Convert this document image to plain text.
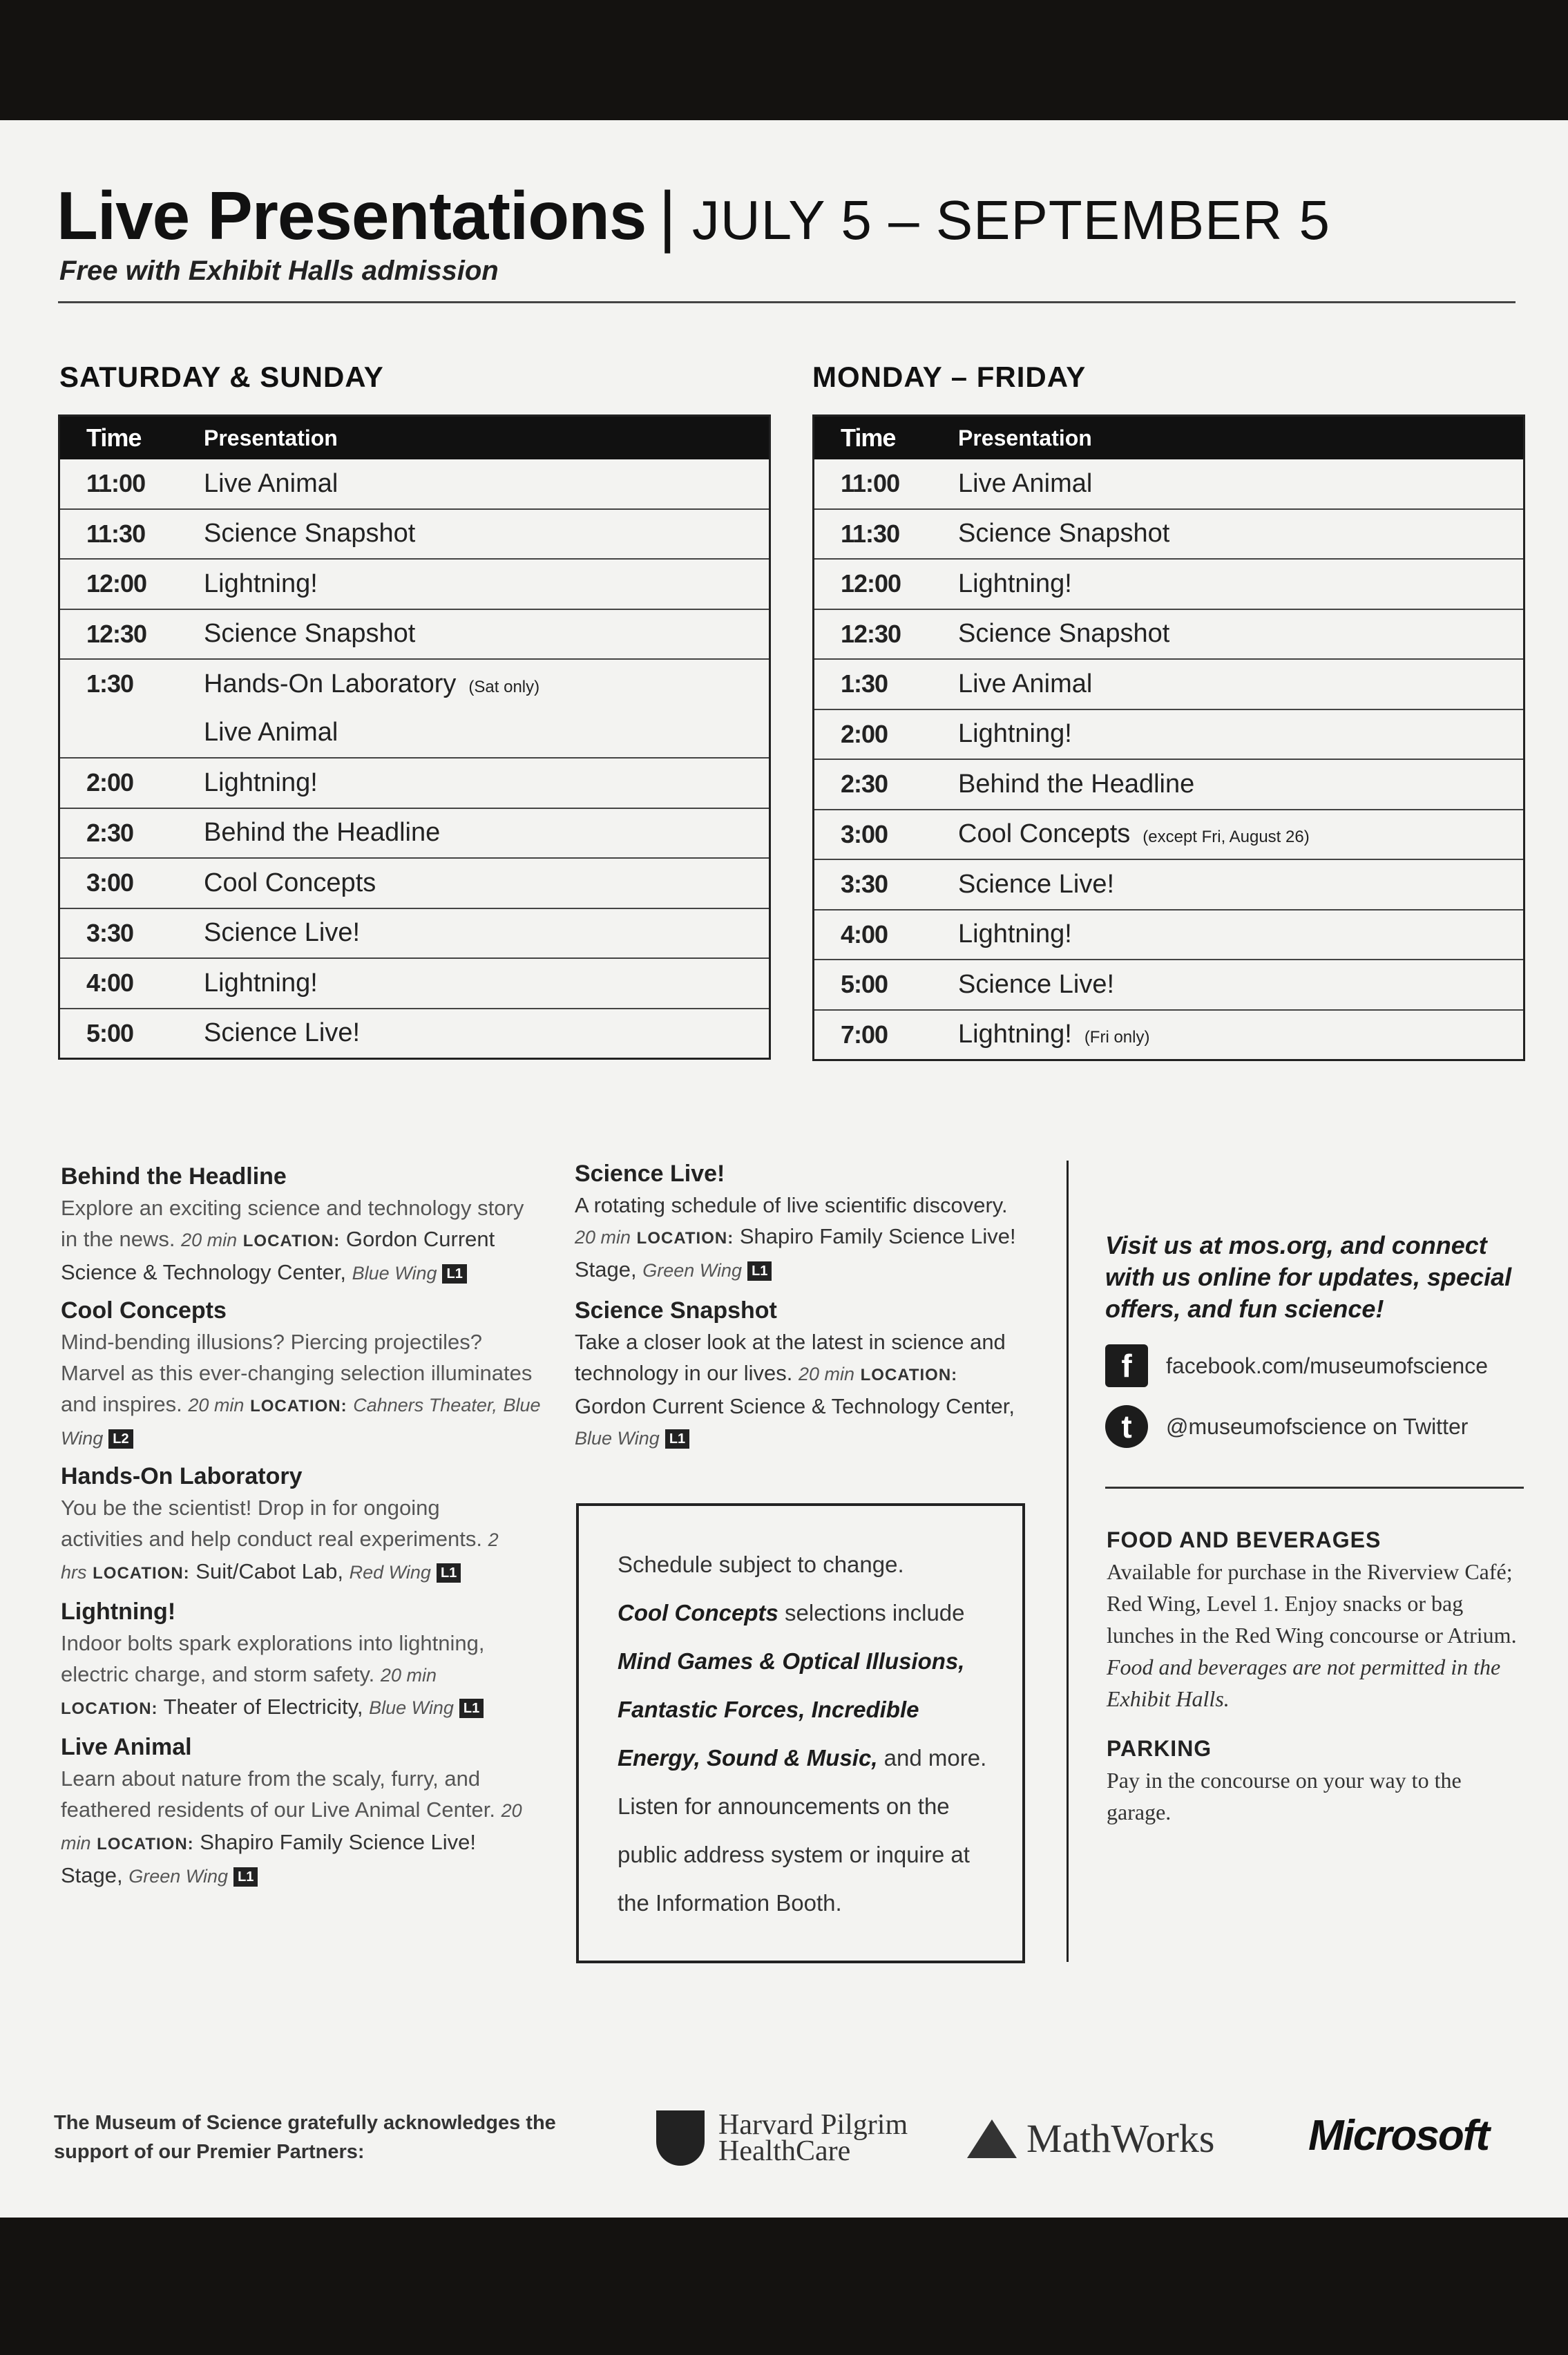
Live Presentations | JULY 5 – SEPTEMBER 5
Free with Exhibit Halls admission
SATURDAY & SUNDAY
Time	Presentation
11:00	Live Animal
11:30	Science Snapshot
12:00	Lightning!
12:30	Science Snapshot
1:30	Hands-On Laboratory (Sat only)
Live Animal
2:00	Lightning!
2:30	Behind the Headline
3:00	Cool Concepts
3:30	Science Live!
4:00	Lightning!
5:00	Science Live!
MONDAY – FRIDAY
Time	Presentation
11:00	Live Animal
11:30	Science Snapshot
12:00	Lightning!
12:30	Science Snapshot
1:30	Live Animal
2:00	Lightning!
2:30	Behind the Headline
3:00	Cool Concepts (except Fri, August 26)
3:30	Science Live!
4:00	Lightning!
5:00	Science Live!
7:00	Lightning! (Fri only)
Behind the Headline
Explore an exciting science and technology story in the news. 20 min LOCATION: Gordon Current Science & Technology Center, Blue Wing L1
Cool Concepts
Mind-bending illusions? Piercing projectiles? Marvel as this ever-changing selection illuminates and inspires. 20 min LOCATION: Cahners Theater, Blue Wing L2
Hands-On Laboratory
You be the scientist! Drop in for ongoing activities and help conduct real experiments. 2 hrs LOCATION: Suit/Cabot Lab, Red Wing L1
Lightning!
Indoor bolts spark explorations into lightning, electric charge, and storm safety. 20 min LOCATION: Theater of Electricity, Blue Wing L1
Live Animal
Learn about nature from the scaly, furry, and feathered residents of our Live Animal Center. 20 min LOCATION: Shapiro Family Science Live! Stage, Green Wing L1
Science Live!
A rotating schedule of live scientific discovery. 20 min LOCATION: Shapiro Family Science Live! Stage, Green Wing L1
Science Snapshot
Take a closer look at the latest in science and technology in our lives. 20 min LOCATION: Gordon Current Science & Technology Center, Blue Wing L1
Schedule subject to change.
Cool Concepts selections include
Mind Games & Optical Illusions,
Fantastic Forces, Incredible
Energy, Sound & Music, and more.
Listen for announcements on the public address system or inquire at the Information Booth.
Visit us at mos.org, and connect with us online for updates, special offers, and fun science!
f	facebook.com/museumofscience
t	@museumofscience on Twitter
FOOD AND BEVERAGES
Available for purchase in the Riverview Café; Red Wing, Level 1. Enjoy snacks or bag lunches in the Red Wing concourse or Atrium. Food and beverages are not permitted in the Exhibit Halls.
PARKING
Pay in the concourse on your way to the garage.
The Museum of Science gratefully acknowledges the support of our Premier Partners:
Harvard Pilgrim
HealthCare	MathWorks Microsoft
